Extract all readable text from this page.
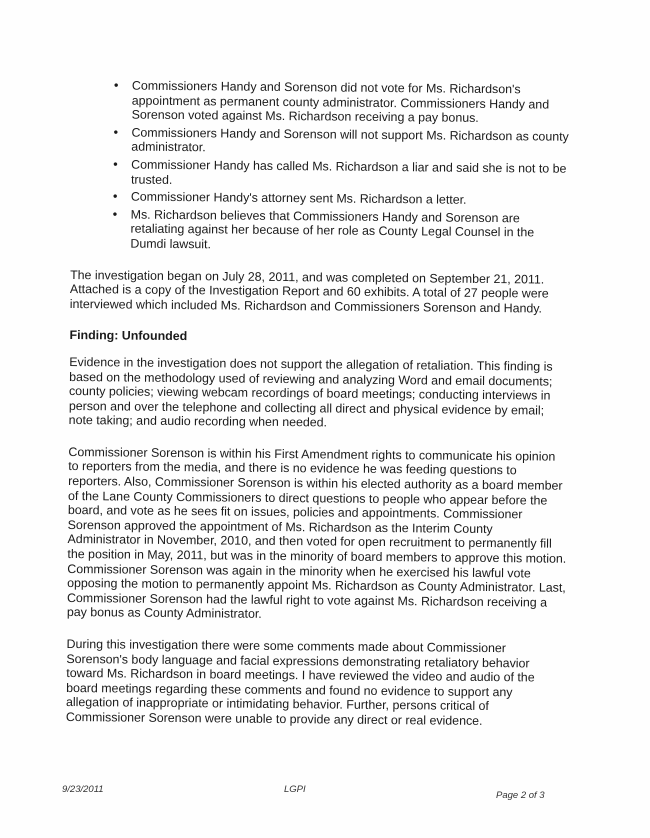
• Commissioners Handy and Sorenson did not vote for Ms. Richardson's appointment as permanent county administrator. Commissioners Handy and Sorenson voted against Ms. Richardson receiving a pay bonus.
• Commissioners Handy and Sorenson will not support Ms. Richardson as county administrator.
• Commissioner Handy has called Ms. Richardson a liar and said she is not to be trusted.
• Commissioner Handy's attorney sent Ms. Richardson a letter.
• Ms. Richardson believes that Commissioners Handy and Sorenson are retaliating against her because of her role as County Legal Counsel in the Dumdi lawsuit.

The investigation began on July 28, 2011, and was completed on September 21, 2011. Attached is a copy of the Investigation Report and 60 exhibits. A total of 27 people were interviewed which included Ms. Richardson and Commissioners Sorenson and Handy.

Finding: Unfounded

Evidence in the investigation does not support the allegation of retaliation. This finding is based on the methodology used of reviewing and analyzing Word and email documents; county policies; viewing webcam recordings of board meetings; conducting interviews in person and over the telephone and collecting all direct and physical evidence by email; note taking; and audio recording when needed.

Commissioner Sorenson is within his First Amendment rights to communicate his opinion to reporters from the media, and there is no evidence he was feeding questions to reporters. Also, Commissioner Sorenson is within his elected authority as a board member of the Lane County Commissioners to direct questions to people who appear before the board, and vote as he sees fit on issues, policies and appointments. Commissioner Sorenson approved the appointment of Ms. Richardson as the Interim County Administrator in November, 2010, and then voted for open recruitment to permanently fill the position in May, 2011, but was in the minority of board members to approve this motion. Commissioner Sorenson was again in the minority when he exercised his lawful vote opposing the motion to permanently appoint Ms. Richardson as County Administrator. Last, Commissioner Sorenson had the lawful right to vote against Ms. Richardson receiving a pay bonus as County Administrator.

During this investigation there were some comments made about Commissioner Sorenson's body language and facial expressions demonstrating retaliatory behavior toward Ms. Richardson in board meetings. I have reviewed the video and audio of the board meetings regarding these comments and found no evidence to support any allegation of inappropriate or intimidating behavior. Further, persons critical of Commissioner Sorenson were unable to provide any direct or real evidence.

9/23/2011	LGPI
Page 2 of 3
